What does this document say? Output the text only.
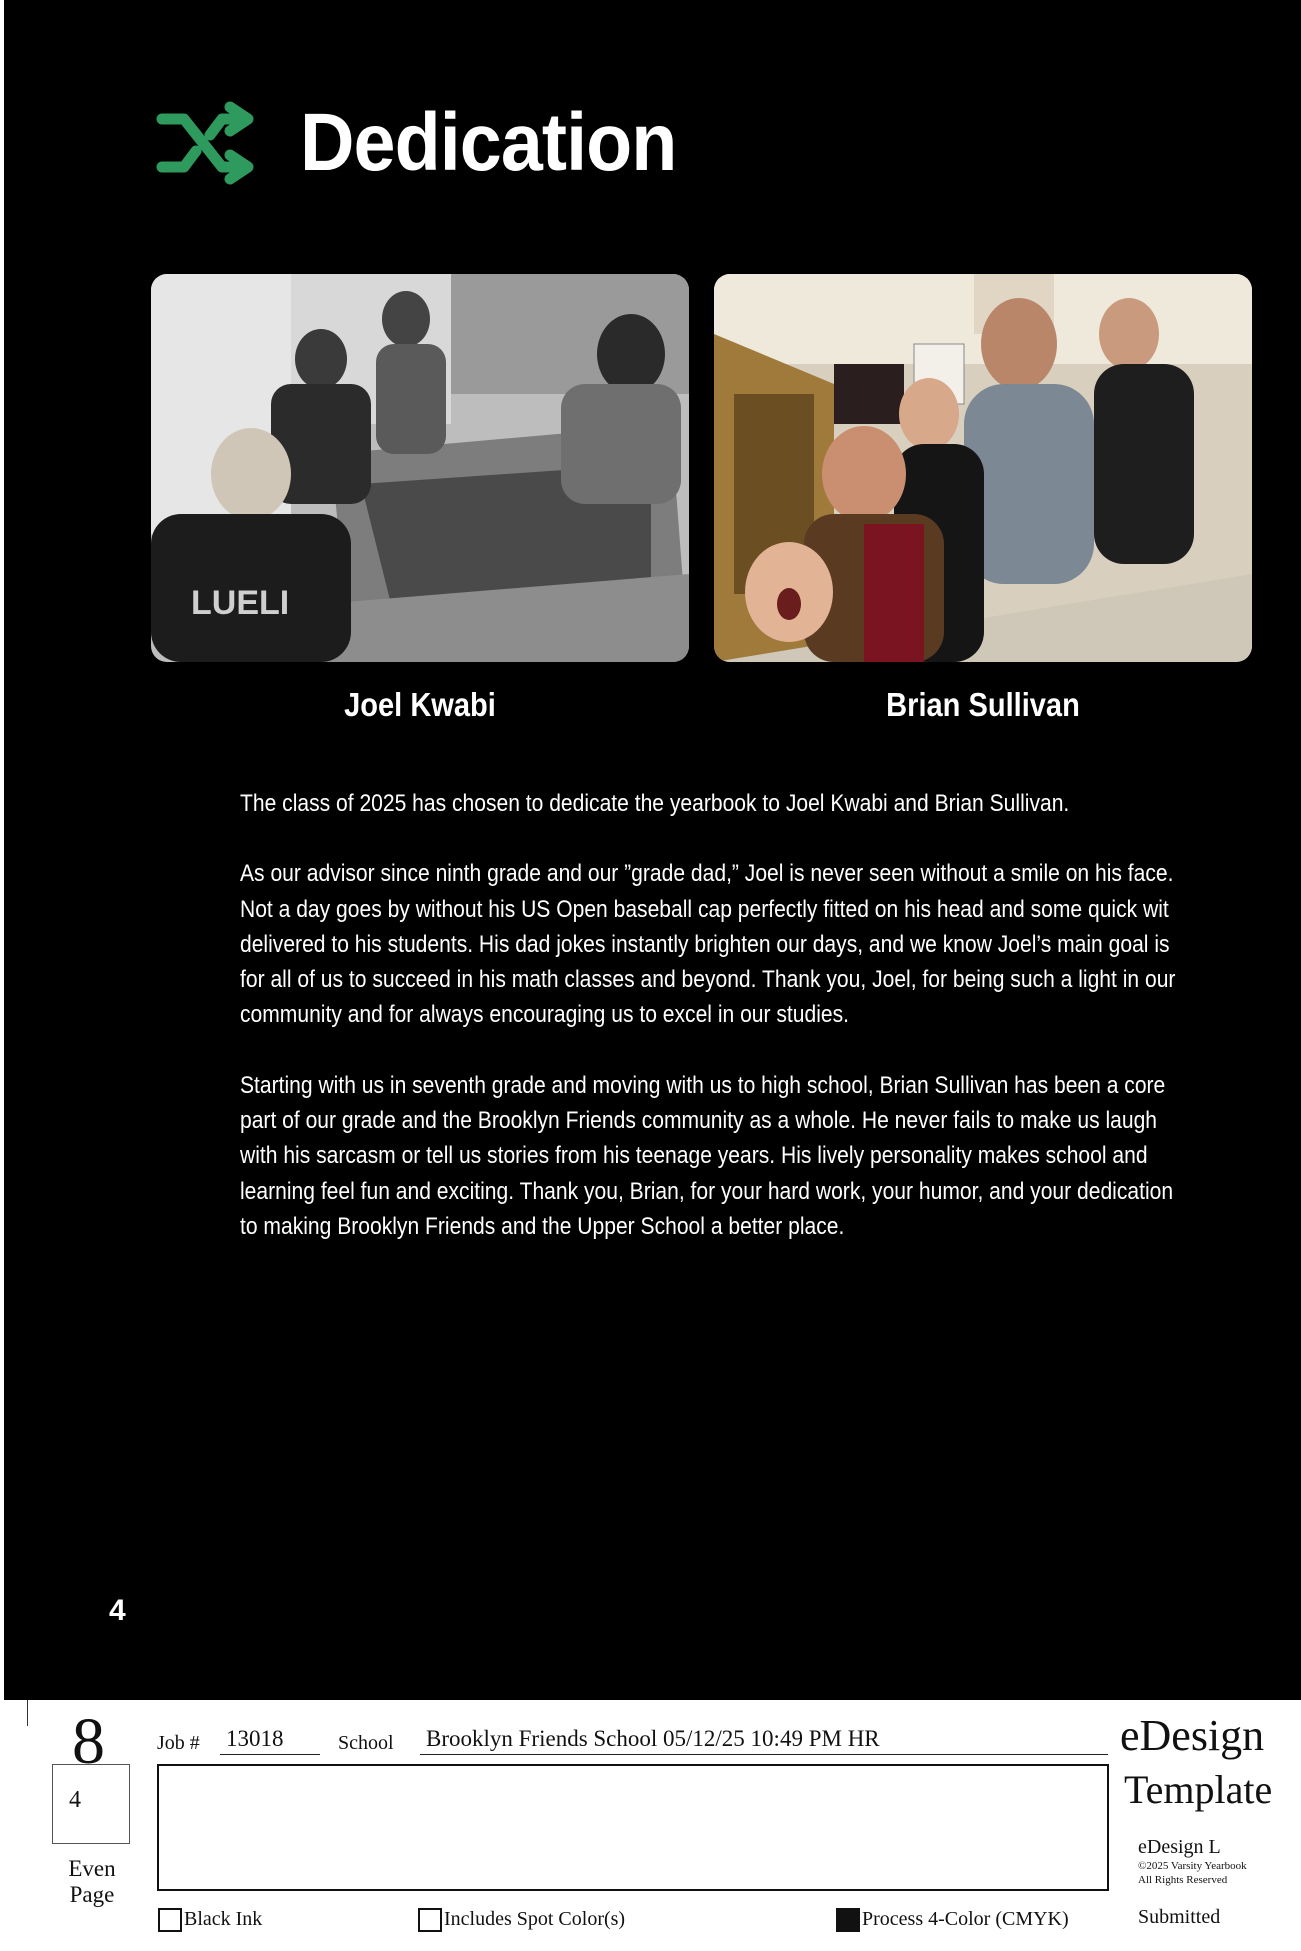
Dedication
LUELI
Joel Kwabi	Brian Sullivan

The class of 2025 has chosen to dedicate the yearbook to Joel Kwabi and Brian Sullivan.

As our advisor since ninth grade and our ”grade dad,” Joel is never seen without a smile on his face. Not a day goes by without his US Open baseball cap perfectly fitted on his head and some quick wit delivered to his students. His dad jokes instantly brighten our days, and we know Joel’s main goal is for all of us to succeed in his math classes and beyond. Thank you, Joel, for being such a light in our community and for always encouraging us to excel in our studies.

Starting with us in seventh grade and moving with us to high school, Brian Sullivan has been a core part of our grade and the Brooklyn Friends community as a whole. He never fails to make us laugh with his sarcasm or tell us stories from his teenage years. His lively personality makes school and learning feel fun and exciting. Thank you, Brian, for your hard work, your humor, and your dedication to making Brooklyn Friends and the Upper School a better place.

4
8
4
Even
Page
Job # 13018	School Brooklyn Friends School 05/12/25 10:49 PM HR	eDesign
Template
eDesign L
©2025 Varsity Yearbook
All Rights Reserved
Submitted
Black Ink	Includes Spot Color(s)	Process 4-Color (CMYK)
